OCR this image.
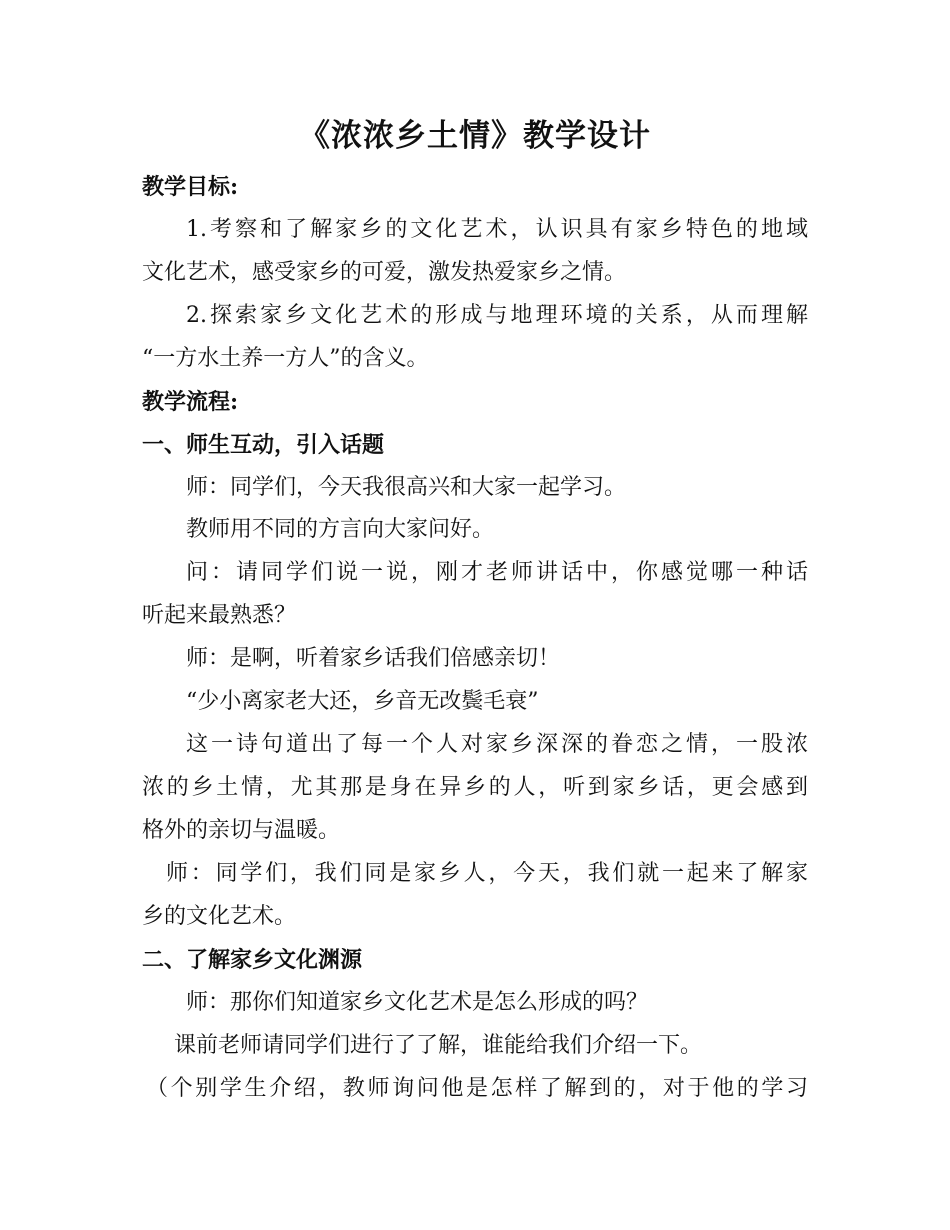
《浓浓乡土情》教学设计
教学目标:
1.考察和了解家乡的文化艺术，认识具有家乡特色的地域
文化艺术，感受家乡的可爱，激发热爱家乡之情。
2.探索家乡文化艺术的形成与地理环境的关系，从而理解
“一方水土养一方人”的含义。
教学流程:
一、师生互动，引入话题
师：同学们，今天我很高兴和大家一起学习。
教师用不同的方言向大家问好。
问：请同学们说一说，刚才老师讲话中，你感觉哪一种话
听起来最熟悉？
师：是啊，听着家乡话我们倍感亲切！
“少小离家老大还，乡音无改鬓毛衰”
这一诗句道出了每一个人对家乡深深的眷恋之情，一股浓
浓的乡土情，尤其那是身在异乡的人，听到家乡话，更会感到
格外的亲切与温暖。
师：同学们，我们同是家乡人，今天，我们就一起来了解家
乡的文化艺术。
二、了解家乡文化渊源
师：那你们知道家乡文化艺术是怎么形成的吗？
课前老师请同学们进行了了解，谁能给我们介绍一下。
（个别学生介绍，教师询问他是怎样了解到的，对于他的学习
